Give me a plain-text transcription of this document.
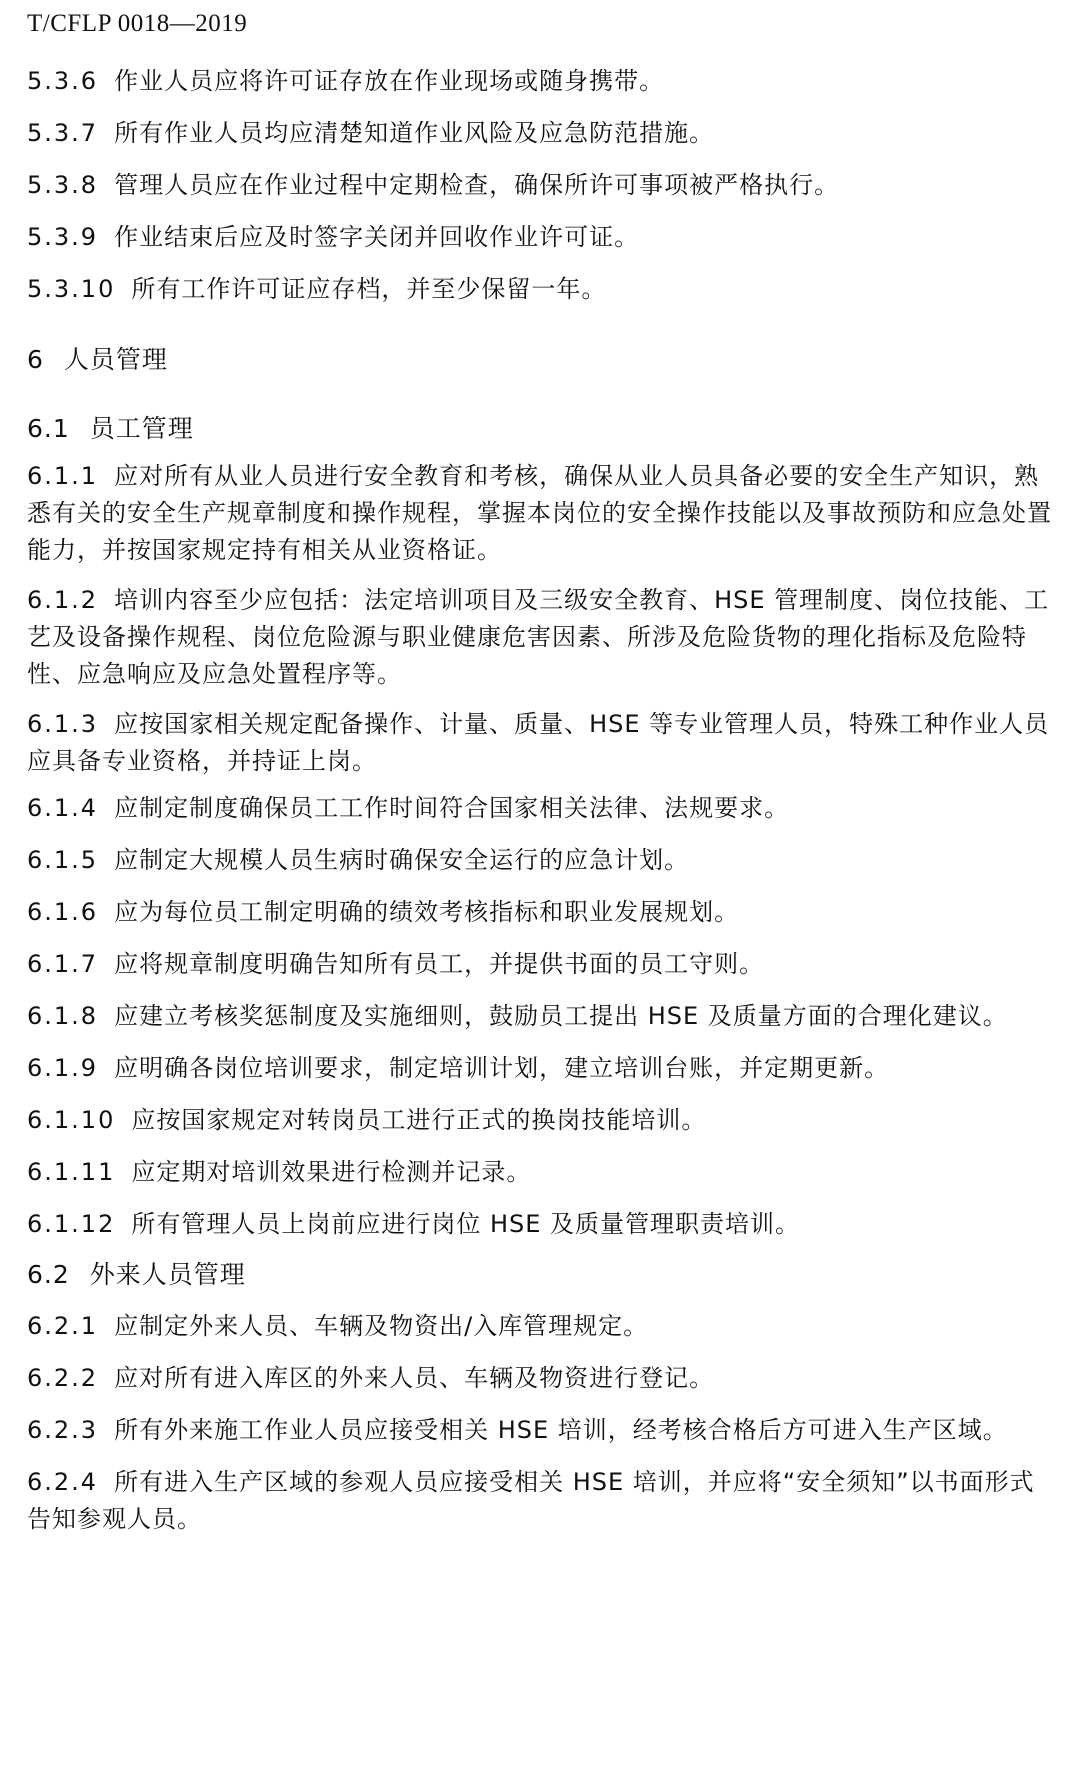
T/CFLP 0018—2019
5.3.6 作业人员应将许可证存放在作业现场或随身携带。
5.3.7 所有作业人员均应清楚知道作业风险及应急防范措施。
5.3.8 管理人员应在作业过程中定期检查，确保所许可事项被严格执行。
5.3.9 作业结束后应及时签字关闭并回收作业许可证。
5.3.10 所有工作许可证应存档，并至少保留一年。
6 人员管理
6.1 员工管理
6.1.1 应对所有从业人员进行安全教育和考核，确保从业人员具备必要的安全生产知识，熟悉有关的安全生产规章制度和操作规程，掌握本岗位的安全操作技能以及事故预防和应急处置能力，并按国家规定持有相关从业资格证。
6.1.2 培训内容至少应包括：法定培训项目及三级安全教育、HSE 管理制度、岗位技能、工艺及设备操作规程、岗位危险源与职业健康危害因素、所涉及危险货物的理化指标及危险特性、应急响应及应急处置程序等。
6.1.3 应按国家相关规定配备操作、计量、质量、HSE 等专业管理人员，特殊工种作业人员应具备专业资格，并持证上岗。
6.1.4 应制定制度确保员工工作时间符合国家相关法律、法规要求。
6.1.5 应制定大规模人员生病时确保安全运行的应急计划。
6.1.6 应为每位员工制定明确的绩效考核指标和职业发展规划。
6.1.7 应将规章制度明确告知所有员工，并提供书面的员工守则。
6.1.8 应建立考核奖惩制度及实施细则，鼓励员工提出 HSE 及质量方面的合理化建议。
6.1.9 应明确各岗位培训要求，制定培训计划，建立培训台账，并定期更新。
6.1.10 应按国家规定对转岗员工进行正式的换岗技能培训。
6.1.11 应定期对培训效果进行检测并记录。
6.1.12 所有管理人员上岗前应进行岗位 HSE 及质量管理职责培训。
6.2 外来人员管理
6.2.1 应制定外来人员、车辆及物资出/入库管理规定。
6.2.2 应对所有进入库区的外来人员、车辆及物资进行登记。
6.2.3 所有外来施工作业人员应接受相关 HSE 培训，经考核合格后方可进入生产区域。
6.2.4 所有进入生产区域的参观人员应接受相关 HSE 培训，并应将“安全须知”以书面形式告知参观人员。
